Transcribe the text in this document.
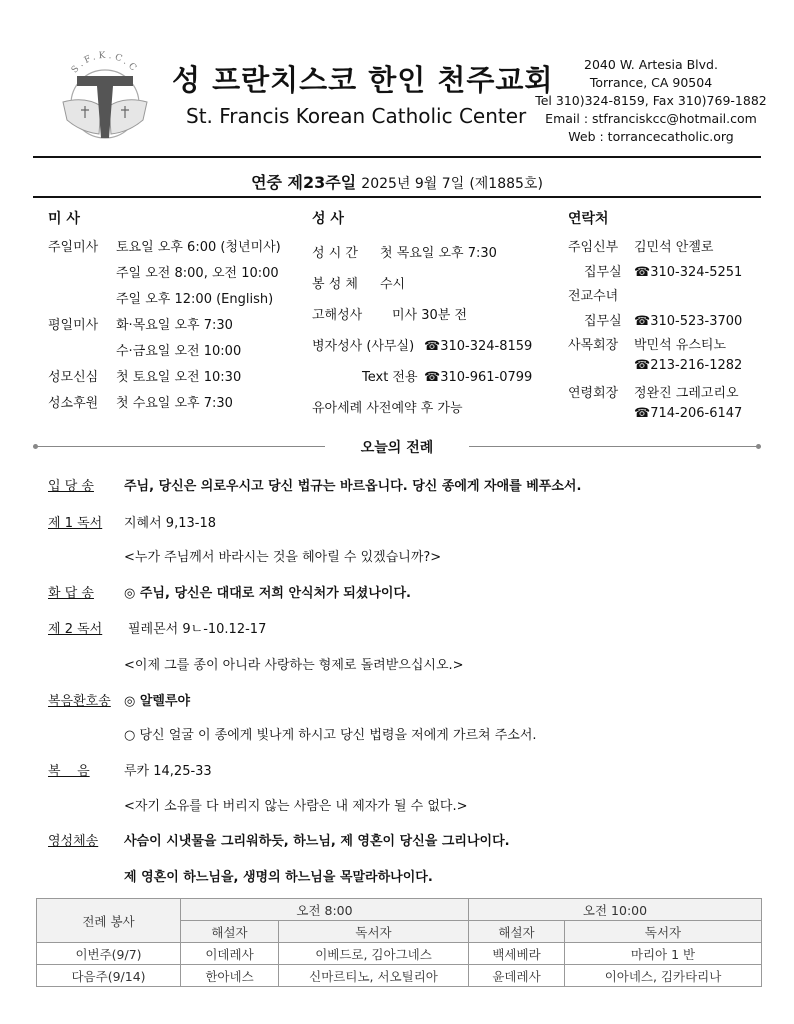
S.F.K.C.C 성 프란치스코 한인 천주교회
St. Francis Korean Catholic Center
2040 W. Artesia Blvd.
Torrance, CA 90504
Tel 310)324-8159, Fax 310)769-1882
Email : stfranciskcc@hotmail.com
Web : torrancecatholic.org
연중 제23주일 2025년 9월 7일 (제1885호)
미 사
주일미사 토요일 오후 6:00 (청년미사)
주일 오전 8:00, 오전 10:00
주일 오후 12:00 (English)
평일미사 화·목요일 오후 7:30
수·금요일 오전 10:00
성모신심 첫 토요일 오전 10:30
성소후원 첫 수요일 오후 7:30
성 사
성 시 간 첫 목요일 오후 7:30
봉 성 체 수시
고해성사 미사 30분 전
병자성사 (사무실) ☎310-324-8159
Text 전용 ☎310-961-0799
유아세례 사전예약 후 가능
연락처
주임신부 김민석 안젤로
집무실 ☎310-324-5251
전교수녀
집무실 ☎310-523-3700
사목회장 박민석 유스티노
☎213-216-1282
연령회장 정완진 그레고리오
☎714-206-6147
오늘의 전례
입 당 송 주님, 당신은 의로우시고 당신 법규는 바르옵니다. 당신 종에게 자애를 베푸소서.
제 1 독서 지혜서 9,13-18
<누가 주님께서 바라시는 것을 헤아릴 수 있겠습니까?>
화 답 송 ◎ 주님, 당신은 대대로 저희 안식처가 되셨나이다.
제 2 독서 필레몬서 9ㄴ-10.12-17
<이제 그를 종이 아니라 사랑하는 형제로 돌려받으십시오.>
복음환호송 ◎ 알렐루야
○ 당신 얼굴 이 종에게 빛나게 하시고 당신 법령을 저에게 가르쳐 주소서.
복    음	루카 14,25-33
<자기 소유를 다 버리지 않는 사람은 내 제자가 될 수 없다.>
영성체송 사슴이 시냇물을 그리워하듯, 하느님, 제 영혼이 당신을 그리나이다.
제 영혼이 하느님을, 생명의 하느님을 목말라하나이다.
전례 봉사	오전 8:00		오전 10:00	
	해설자	독서자	해설자	독서자
이번주(9/7)	이데레사	이베드로, 김아그네스	백세베라	마리아 1 반
다음주(9/14)	한아네스	신마르티노, 서오틸리아	윤데레사	이아네스, 김카타리나
